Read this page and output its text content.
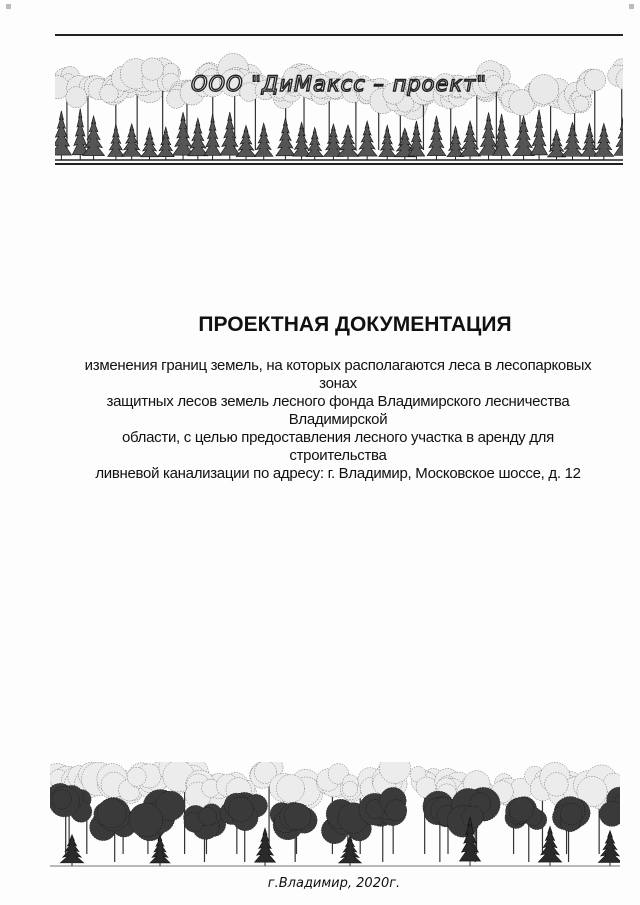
ООО "ДиМаксс – проект"
ПРОЕКТНАЯ ДОКУМЕНТАЦИЯ
изменения границ земель, на которых располагаются леса в лесопарковых зонах
защитных лесов земель лесного фонда Владимирского лесничества Владимирской
области, с целью предоставления лесного участка в аренду для строительства
ливневой канализации по адресу: г. Владимир, Московское шоссе, д. 12
г.Владимир, 2020г.
